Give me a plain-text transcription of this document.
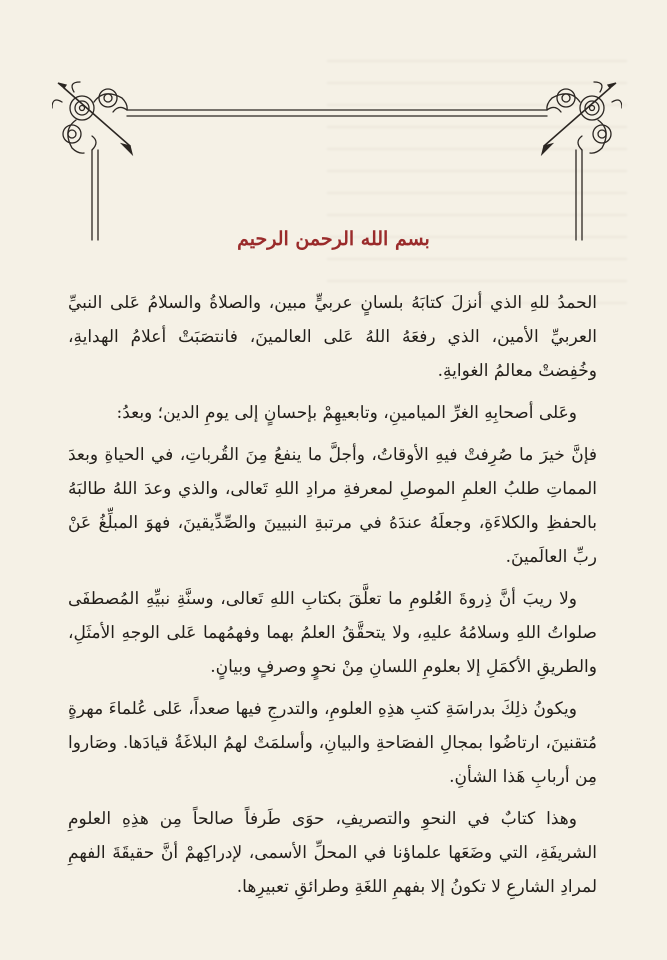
بسم الله الرحمن الرحيم

الحمدُ للهِ الذي أنزلَ كتابَهُ بلسانٍ عربيٍّ مبين، والصلاةُ والسلامُ عَلى النبيِّ العربيِّ الأمين، الذي رفعَهُ اللهُ عَلى العالمينَ، فانتصَبَتْ أعلامُ الهدايةِ، وخُفِضتْ معالمُ الغوايةِ.

وعَلى أصحابِهِ الغرِّ الميامينِ، وتابعيهِمْ بإحسانٍ إلى يومِ الدين؛ وبعدُ:

فإنَّ خيرَ ما صُرِفتْ فيهِ الأوقاتُ، وأجلَّ ما ينفعُ مِنَ القُرباتِ، في الحياةِ وبعدَ المماتِ طلبُ العلمِ الموصلِ لمعرفةِ مرادِ اللهِ تَعالى، والذي وعدَ اللهُ طالبَهُ بالحفظِ والكلاءَةِ، وجعلَهُ عندَهُ في مرتبةِ النبيينَ والصِّدِّيقينَ، فهوَ المبلِّغُ عَنْ ربِّ العالَمينَ.

ولا ريبَ أنَّ ذِروةَ العُلومِ ما تعلَّقَ بكتابِ اللهِ تَعالى، وسنَّةِ نبيِّهِ المُصطفَى صلواتُ اللهِ وسلامُهُ عليهِ، ولا يتحقَّقُ العلمُ بهما وفهمُهما عَلى الوجهِ الأمثَلِ، والطريقِ الأكمَلِ إلا بعلومِ اللسانِ مِنْ نحوٍ وصرفٍ وبيانٍ.

ويكونُ ذلِكَ بدراسَةِ كتبِ هذِهِ العلومِ، والتدرجِ فيها صعداً، عَلى عُلماءَ مهرةٍ مُتقنينَ، ارتاضُوا بمجالِ الفصَاحةِ والبيانِ، وأسلمَتْ لهمُ البلاغَةُ قيادَها. وصَاروا مِن أربابِ هَذا الشأنِ.

وهذا كتابٌ في النحوِ والتصريفِ، حوَى طَرفاً صالحاً مِن هذِهِ العلومِ الشريفَةِ، التي وضَعَها علماؤنا في المحلِّ الأسمى، لإدراكِهمْ أنَّ حقيقَةَ الفهمِ لمرادِ الشارعِ لا تكونُ إلا بفهمِ اللغَةِ وطرائقِ تعبيرِها.
